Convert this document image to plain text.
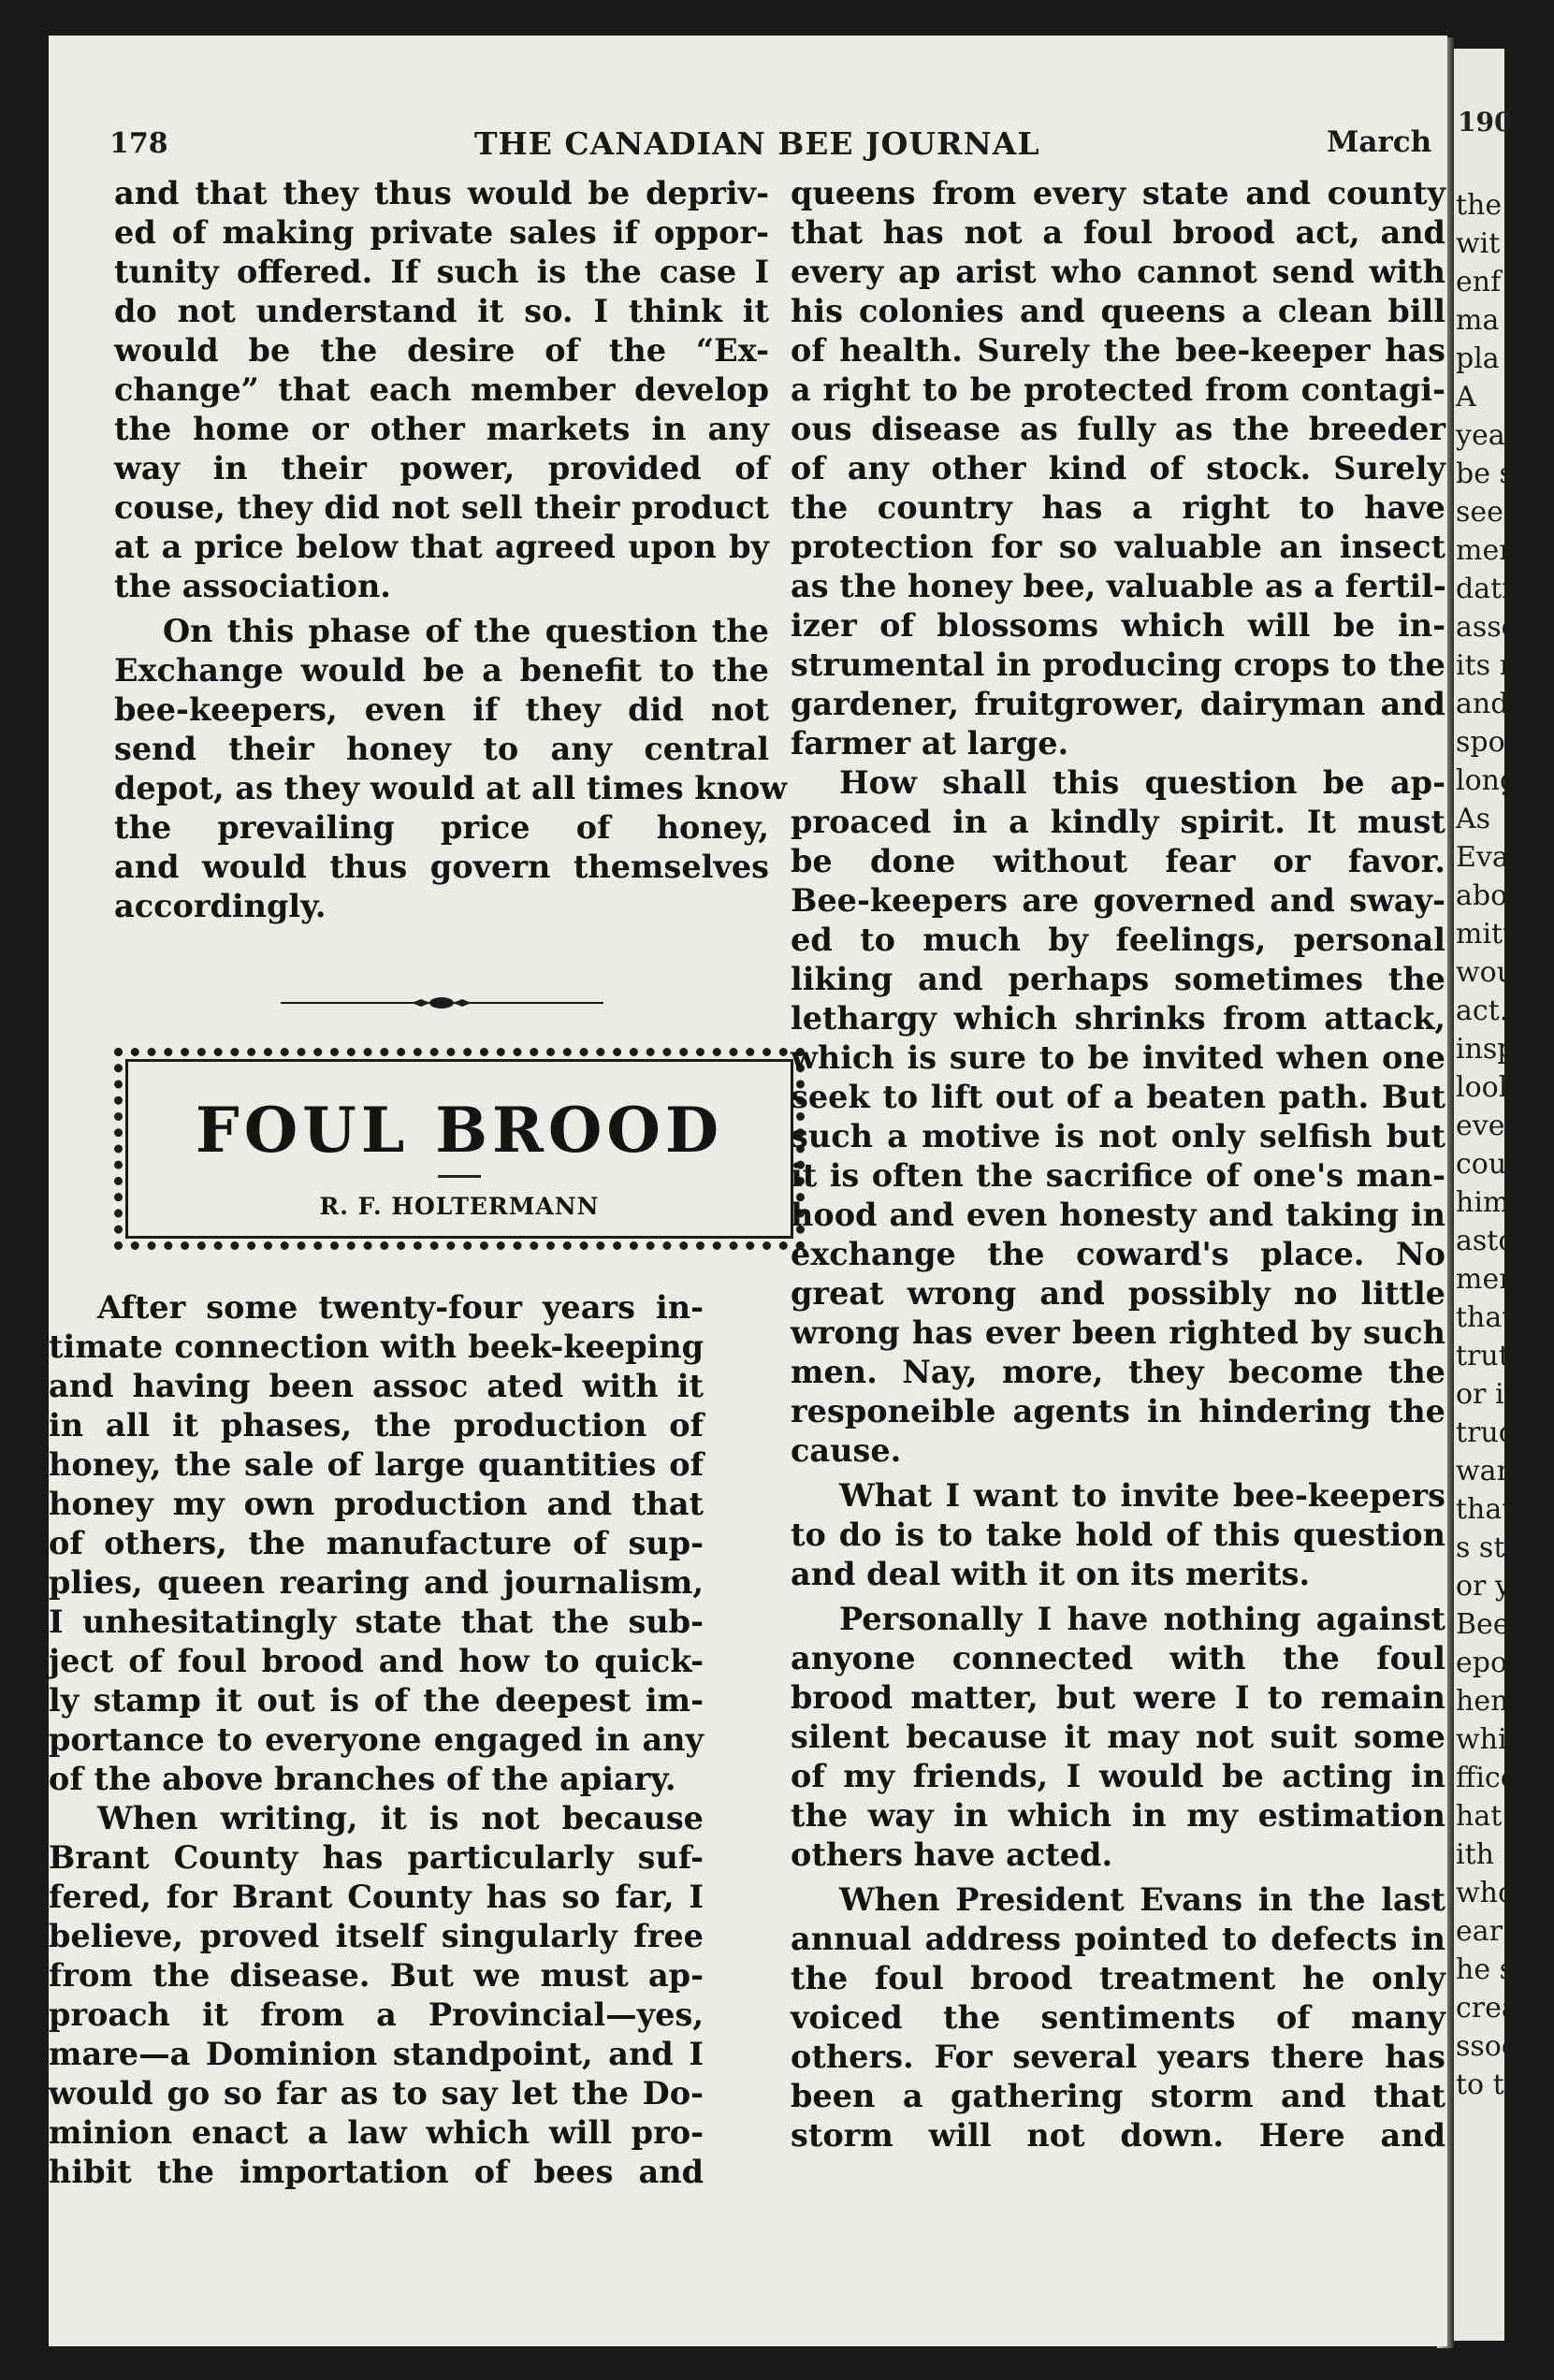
190
the
wit
enf
ma
pla
A
yea
be s
see
mer
dati
asso
its r
and
spon
long
As
Evan
abou
mitte
woul
act.
inspe
look
every
could
himse
aston
ment
that
truth
or in
truct
want
that a
s stat
or yea
Bee-ke
eport
hen th
which
fficers
hat
ith a
who h
ear af
he sa
crease
ssociat
to the
178	THE CANADIAN BEE JOURNAL	March
and that they thus would be depriv-
ed of making private sales if oppor-
tunity offered. If such is the case I
do not understand it so. I think it
would be the desire of the “Ex-
change” that each member develop
the home or other markets in any
way in their power, provided of
couse, they did not sell their product
at a price below that agreed upon by
the association.
On this phase of the question the
Exchange would be a benefit to the
bee-keepers, even if they did not
send their honey to any central
depot, as they would at all times know
the prevailing price of honey,
and would thus govern themselves
accordingly.
FOUL BROOD
R. F. HOLTERMANN
After some twenty-four years in-
timate connection with beek-keeping
and having been assoc ated with it
in all it phases, the production of
honey, the sale of large quantities of
honey my own production and that
of others, the manufacture of sup-
plies, queen rearing and journalism,
I unhesitatingly state that the sub-
ject of foul brood and how to quick-
ly stamp it out is of the deepest im-
portance to everyone engaged in any
of the above branches of the apiary.
When writing, it is not because
Brant County has particularly suf-
fered, for Brant County has so far, I
believe, proved itself singularly free
from the disease. But we must ap-
proach it from a Provincial—yes,
mare—a Dominion standpoint, and I
would go so far as to say let the Do-
minion enact a law which will pro-
hibit the importation of bees and
queens from every state and county
that has not a foul brood act, and
every ap arist who cannot send with
his colonies and queens a clean bill
of health. Surely the bee-keeper has
a right to be protected from contagi-
ous disease as fully as the breeder
of any other kind of stock. Surely
the country has a right to have
protection for so valuable an insect
as the honey bee, valuable as a fertil-
izer of blossoms which will be in-
strumental in producing crops to the
gardener, fruitgrower, dairyman and
farmer at large.
How shall this question be ap-
proaced in a kindly spirit. It must
be done without fear or favor.
Bee-keepers are governed and sway-
ed to much by feelings, personal
liking and perhaps sometimes the
lethargy which shrinks from attack,
which is sure to be invited when one
seek to lift out of a beaten path. But
such a motive is not only selfish but
it is often the sacrifice of one's man-
hood and even honesty and taking in
exchange the coward's place. No
great wrong and possibly no little
wrong has ever been righted by such
men. Nay, more, they become the
responeible agents in hindering the
cause.
What I want to invite bee-keepers
to do is to take hold of this question
and deal with it on its merits.
Personally I have nothing against
anyone connected with the foul
brood matter, but were I to remain
silent because it may not suit some
of my friends, I would be acting in
the way in which in my estimation
others have acted.
When President Evans in the last
annual address pointed to defects in
the foul brood treatment he only
voiced the sentiments of many
others. For several years there has
been a gathering storm and that
storm will not down. Here and
